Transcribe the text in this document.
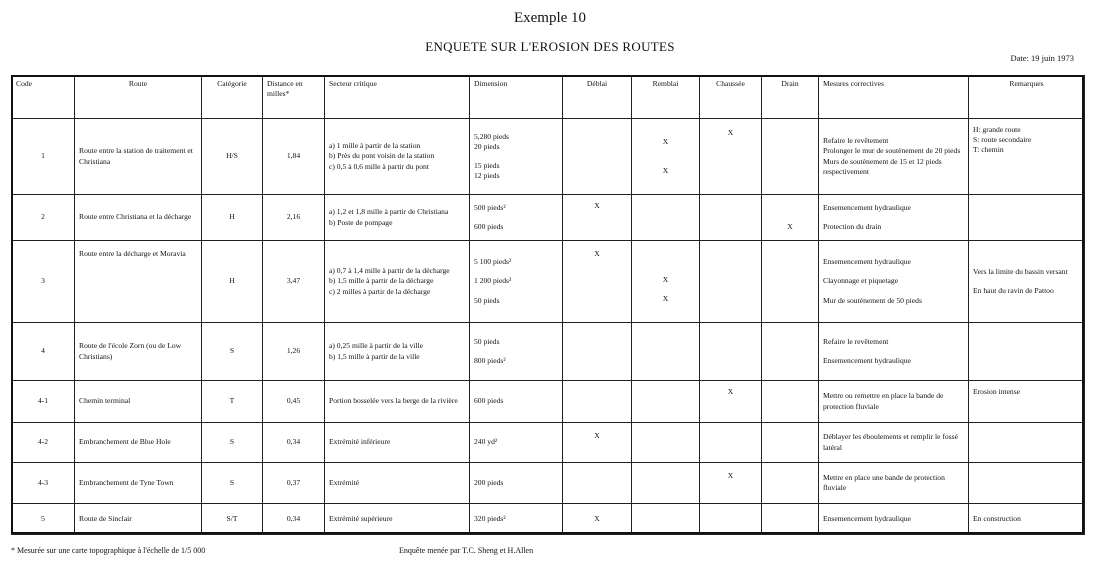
Exemple 10
ENQUETE SUR L'EROSION DES ROUTES
Date: 19 juin 1973
Code	Route	Catégorie	Distance en milles*	Secteur critique	Dimension	Déblai	Remblai	Chaussée	Drain	Mesures correctives	Remarques
1	Route entre la station de traitement et Christiana	H/S	1,84	a) 1 mille à partir de la station
b) Près du pont voisin de la station
c) 0,5 à 0,6 mille à partir du pont	5,280 pieds
20 pieds
15 pieds
12 pieds		X
X	X		Refaire le revêtement
Prolonger le mur de soutènement de 20 pieds
Murs de soutènement de 15 et 12 pieds respectivement	H: grande route
S: route secondaire
T: chemin

2	Route entre Christiana et la décharge	H	2,16	a) 1,2 et 1,8 mille à partir de Christiana
b) Poste de pompage	500 pieds²
600 pieds	X			X	Ensemencement hydraulique
Protection du drain	

3	Route entre la décharge et Moravia	H	3,47	a) 0,7 à 1,4 mille à partir de la décharge
b) 1,5 mille à partir de la décharge
c) 2 milles à partir de la décharge	5 100 pieds²
1 200 pieds²
50 pieds	X	X
X			Ensemencement hydraulique
Clayonnage et piquetage
Mur de soutènement de 50 pieds	Vers la limite du bassin versant
En haut du ravin de Pattoo

4	Route de l'école Zorn (ou de Low Christians)	S	1,26	a) 0,25 mille à partir de la ville
b) 1,5 mille à partir de la ville	50 pieds
800 pieds²					Refaire le revêtement
Ensemencement hydraulique	

4-1	Chemin terminal	T	0,45	Portion bosselée vers la berge de la rivière	600 pieds			X		Mettre ou remettre en place la bande de protection fluviale	Erosion intense
4-2	Embranchement de Blue Hole	S	0,34	Extrémité inférieure	240 yd²	X				Déblayer les éboulements et remplir le fossé latéral	
4-3	Embranchement de Tyne Town	S	0,37	Extrémité	200 pieds			X		Mettre en place une bande de protection fluviale	
5	Route de Sinclair	S/T	0,34	Extrémité supérieure	320 pieds²	X				Ensemencement hydraulique	En construction
* Mesurée sur une carte topographique à l'échelle de 1/5 000	Enquête menée par T.C. Sheng et H.Allen
